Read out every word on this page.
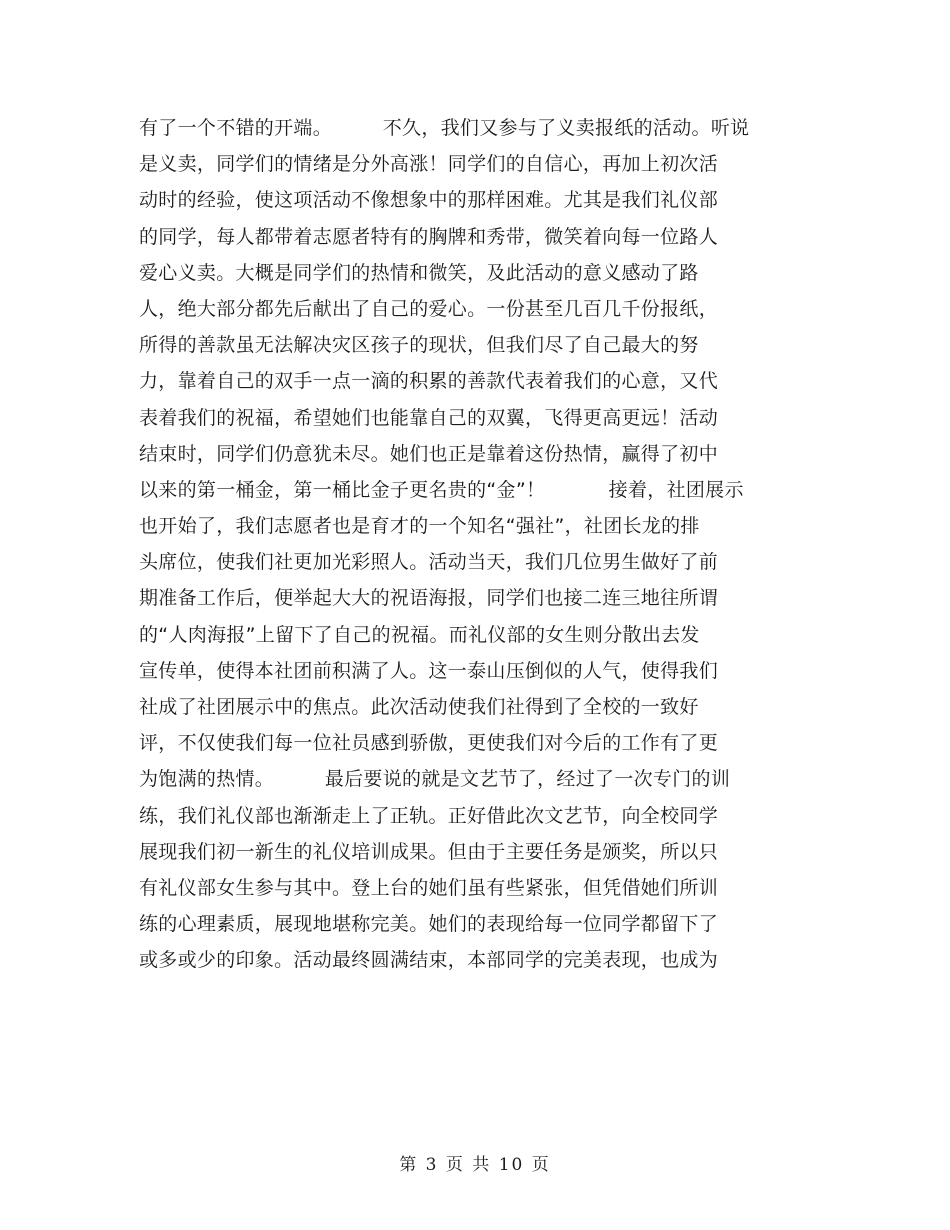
有了一个不错的开端。        不久，我们又参与了义卖报纸的活动。听说
是义卖，同学们的情绪是分外高涨！同学们的自信心，再加上初次活
动时的经验，使这项活动不像想象中的那样困难。尤其是我们礼仪部
的同学，每人都带着志愿者特有的胸牌和秀带，微笑着向每一位路人
爱心义卖。大概是同学们的热情和微笑，及此活动的意义感动了路
人，绝大部分都先后献出了自己的爱心。一份甚至几百几千份报纸，
所得的善款虽无法解决灾区孩子的现状，但我们尽了自己最大的努
力，靠着自己的双手一点一滴的积累的善款代表着我们的心意，又代
表着我们的祝福，希望她们也能靠自己的双翼，飞得更高更远！活动
结束时，同学们仍意犹未尽。她们也正是靠着这份热情，赢得了初中
以来的第一桶金，第一桶比金子更名贵的“金”！          接着，社团展示
也开始了，我们志愿者也是育才的一个知名“强社”，社团长龙的排
头席位，使我们社更加光彩照人。活动当天，我们几位男生做好了前
期准备工作后，便举起大大的祝语海报，同学们也接二连三地往所谓
的“人肉海报”上留下了自己的祝福。而礼仪部的女生则分散出去发
宣传单，使得本社团前积满了人。这一泰山压倒似的人气，使得我们
社成了社团展示中的焦点。此次活动使我们社得到了全校的一致好
评，不仅使我们每一位社员感到骄傲，更使我们对今后的工作有了更
为饱满的热情。        最后要说的就是文艺节了，经过了一次专门的训
练，我们礼仪部也渐渐走上了正轨。正好借此次文艺节，向全校同学
展现我们初一新生的礼仪培训成果。但由于主要任务是颁奖，所以只
有礼仪部女生参与其中。登上台的她们虽有些紧张，但凭借她们所训
练的心理素质，展现地堪称完美。她们的表现给每一位同学都留下了
或多或少的印象。活动最终圆满结束，本部同学的完美表现，也成为
第 3 页 共 10 页
